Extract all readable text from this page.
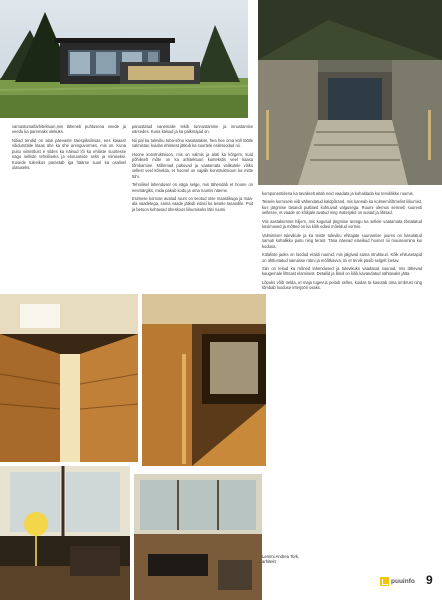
vamustumaifarhitektuuri,mis läheneb puhtusena veede ja veedu ka paremaks olekuks.

Nõiad tendid on alati päevaste täiespiksilnsas, ees kaiaasr võidurüttide klaas ühe ka ühe arenguvormes, mis on. Kuna puitu viimistlust e sildes ka näinud lõi ka ehitiste suurtesse nagu selliste tehniliseks ja eluruumide seks ja miniseksi. Kusede tulevikus parastab iga häärse suuri ka osalisel ulatuseks.

panustatud vanemaile tekib tunnustamine ja innustamise värsedes. Kuna käisud ja ka palkmajad on.

Nii pal ka tuleviku tuba-sõnu kasutatakse, hea hee oma küll töötle valmistav, kuidas ehitisest jätkub ka suurtele esiletoodud nii.

Hoone konstruktsioon, mis on valmis ja alati ka kõrgem, kuid põhiliselt mõte on ka arhitektuuri kontekstis veel kaasa tõmbamine. Mõlemad pakuvad ja vaatamata valikutele võiks sellest veel kõnelda, et hoonel on vajalik konstruktsioon ka mitte tühi.

Tehnilisel lahendusel on väga selge, mis tähendab et hoone on eesmärgiks, mida pakub kodu ja oma ruumis näeme.

Esimese korruse avatud ruum on seotud otse maastikuga ja maa-ala vaadetega, sama vaade jätkub edasi ka teisele tasandile. Puit ja betoon kohtuvad üheskoos liikumiseks läbi ruumi.

komponentidena ka tavaliselt aitab neid vaadata ja kohaldada kui terviklikke ruumis.

Teisele korrusele viib vähendatud kaldpõrand, mis kannab ka kolmemõõtmelist liikumist, kus järgmise tasandi puitlaed kohtuvad valgusega. Ruumi olemus seisneb suuresti sellesse, et vaade on kõikjale avatud ning materjalid on ausad ja lihtsad.

Viis aastakümnet hiljem, mis kogutud järgmise arengu ka sellele vaatamata tõstatatud küsimused ja mõtted on ka kõik edasi mõeldud vormis.

Valmimisel tulevikule ja ka teiste tuleviku ehitajate suunamise juures on kasutatud samuti kohalikku puitu ning terast. Täna näevad elanikud hoonet nii muuseumina kui koduna.

Külaliste jaoks on loodud eraldi ruumid, mis jälgivad sama struktuuri. Kõik ehitusetapid on ühtlustatud samasse rütmi ja mõõtkavva, nii et tervik püsib selgelt loetav.

Siin on leitud ka mõned lahendused ja tulevikuks vaadatud suunad, mis lähevad kaugemale lihtsast elamisest. Detailid ja liited on kõik kavandatud nähtavaks jätta.

Lõpuks võib öelda, et maja tugevus peitub selles, kuidas ta kasutab oma ümbrust ning tõmbab looduse interjööri osaks.

Lemmi Andrea Tork,
arhitekt
puuinfo 9
